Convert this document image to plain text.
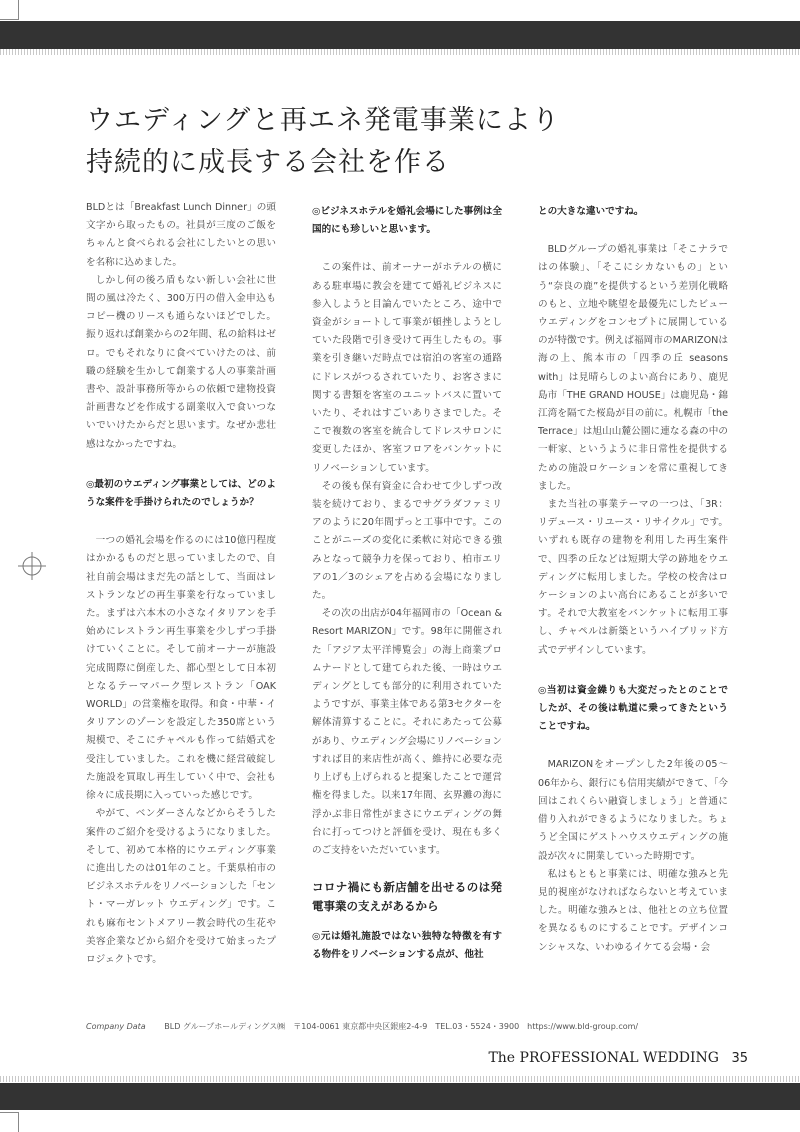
ウエディングと再エネ発電事業により
持続的に成長する会社を作る

BLDとは「Breakfast Lunch Dinner」の頭文字から取ったもの。社員が三度のご飯をちゃんと食べられる会社にしたいとの思いを名称に込めました。

しかし何の後ろ盾もない新しい会社に世間の風は冷たく、300万円の借入金申込もコピー機のリースも通らないほどでした。振り返れば創業からの2年間、私の給料はゼロ。でもそれなりに食べていけたのは、前職の経験を生かして創業する人の事業計画書や、設計事務所等からの依頼で建物投資計画書などを作成する副業収入で食いつないでいけたからだと思います。なぜか悲壮感はなかったですね。

◎最初のウエディング事業としては、どのような案件を手掛けられたのでしょうか？

一つの婚礼会場を作るのには10億円程度はかかるものだと思っていましたので、自社自前会場はまだ先の話として、当面はレストランなどの再生事業を行なっていました。まずは六本木の小さなイタリアンを手始めにレストラン再生事業を少しずつ手掛けていくことに。そして前オーナーが施設完成間際に倒産した、都心型として日本初となるテーマパーク型レストラン「OAK WORLD」の営業権を取得。和食・中華・イタリアンのゾーンを設定した350席という規模で、そこにチャペルも作って結婚式を受注していました。これを機に経営破綻した施設を買取し再生していく中で、会社も徐々に成長期に入っていった感じです。

やがて、ベンダーさんなどからそうした案件のご紹介を受けるようになりました。そして、初めて本格的にウエディング事業に進出したのは01年のこと。千葉県柏市のビジネスホテルをリノベーションした「セント・マーガレット ウエディング」です。これも麻布セントメアリー教会時代の生花や美容企業などから紹介を受けて始まったプロジェクトです。

◎ビジネスホテルを婚礼会場にした事例は全国的にも珍しいと思います。

この案件は、前オーナーがホテルの横にある駐車場に教会を建てて婚礼ビジネスに参入しようと目論んでいたところ、途中で資金がショートして事業が頓挫しようとしていた段階で引き受けて再生したもの。事業を引き継いだ時点では宿泊の客室の通路にドレスがつるされていたり、お客さまに関する書類を客室のユニットバスに置いていたり、それはすごいありさまでした。そこで複数の客室を統合してドレスサロンに変更したほか、客室フロアをバンケットにリノベーションしています。

その後も保有資金に合わせて少しずつ改装を続けており、まるでサグラダファミリアのように20年間ずっと工事中です。このことがニーズの変化に柔軟に対応できる強みとなって競争力を保っており、柏市エリアの1／3のシェアを占める会場になりました。

その次の出店が04年福岡市の「Ocean & Resort MARIZON」です。98年に開催された「アジア太平洋博覧会」の海上商業プロムナードとして建てられた後、一時はウエディングとしても部分的に利用されていたようですが、事業主体である第3セクターを解体清算することに。それにあたって公募があり、ウエディング会場にリノベーションすれば目的来店性が高く、維持に必要な売り上げも上げられると提案したことで運営権を得ました。以来17年間、玄界灘の海に浮かぶ非日常性がまさにウエディングの舞台に打ってつけと評価を受け、現在も多くのご支持をいただいています。

コロナ禍にも新店舗を出せるのは発電事業の支えがあるから

◎元は婚礼施設ではない独特な特徴を有する物件をリノベーションする点が、他社

との大きな違いですね。

BLDグループの婚礼事業は「そこナラではの体験」、「そこにシカないもの」という“奈良の鹿”を提供するという差別化戦略のもと、立地や眺望を最優先にしたビューウエディングをコンセプトに展開しているのが特徴です。例えば福岡市のMARIZONは海の上、熊本市の「四季の丘 seasons with」は見晴らしのよい高台にあり、鹿児島市「THE GRAND HOUSE」は鹿児島・錦江湾を隔てた桜島が目の前に。札幌市「the Terrace」は旭山山麓公園に連なる森の中の一軒家、というように非日常性を提供するための施設ロケーションを常に重視してきました。

また当社の事業テーマの一つは、「3R：リデュース・リユース・リサイクル」です。いずれも既存の建物を利用した再生案件で、四季の丘などは短期大学の跡地をウエディングに転用しました。学校の校舎はロケーションのよい高台にあることが多いです。それで大教室をバンケットに転用工事し、チャペルは新築というハイブリッド方式でデザインしています。

◎当初は資金繰りも大変だったとのことでしたが、その後は軌道に乗ってきたということですね。

MARIZONをオープンした2年後の05～06年から、銀行にも信用実績ができて、「今回はこれくらい融資しましょう」と普通に借り入れができるようになりました。ちょうど全国にゲストハウスウエディングの施設が次々に開業していった時期です。

私はもともと事業には、明確な強みと先見的視座がなければならないと考えていました。明確な強みとは、他社との立ち位置を異なるものにすることです。デザインコンシャスな、いわゆるイケてる会場・会

Company Data BLD グループホールディングス㈱　〒104-0061 東京都中央区銀座2-4-9　TEL.03・5524・3900　https://www.bld-group.com/
The PROFESSIONAL WEDDING 35
